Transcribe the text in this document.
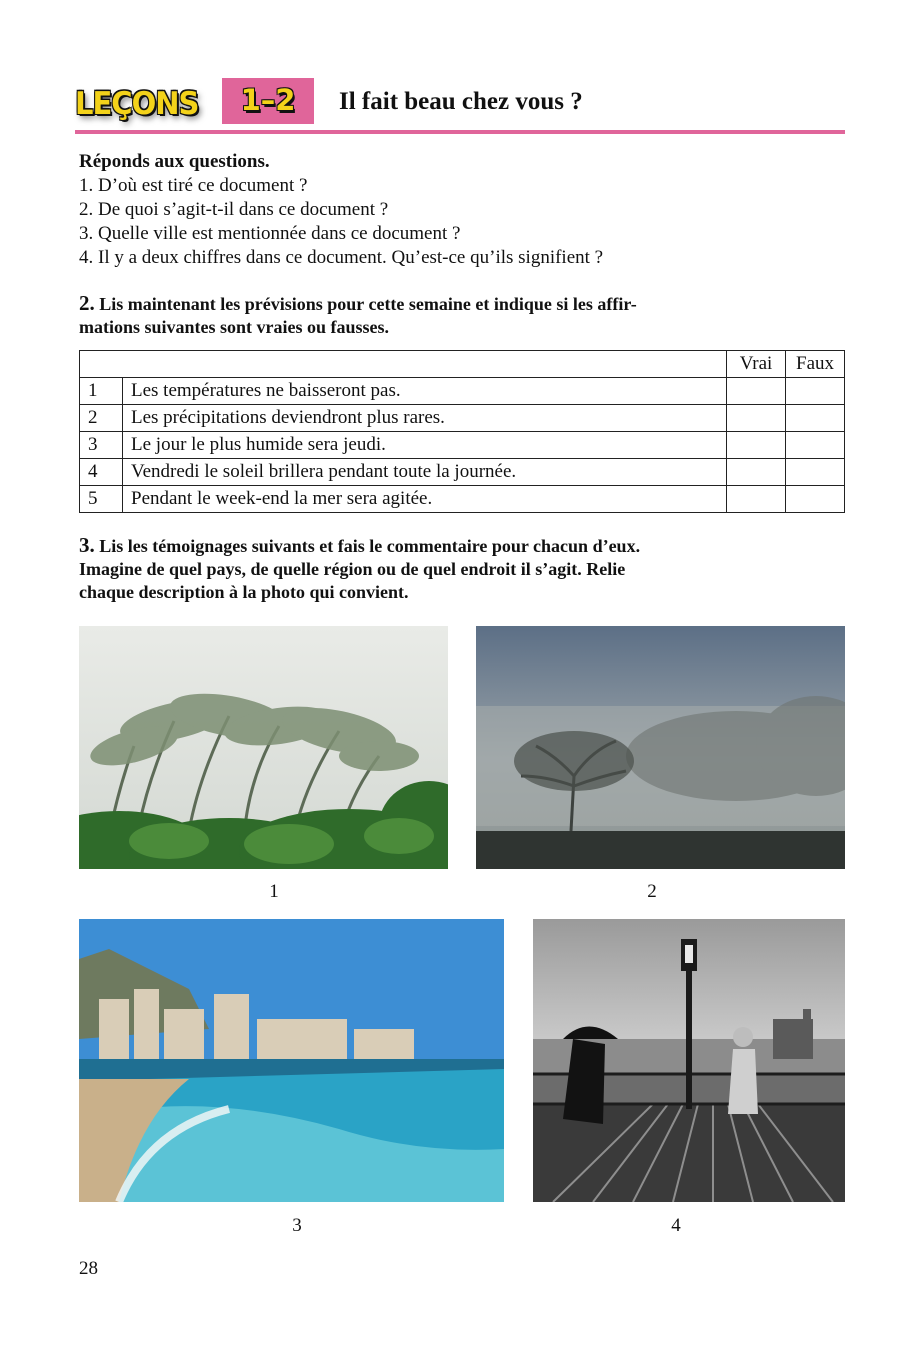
LEÇONS	1–2	Il fait beau chez vous ?
Réponds aux questions.
1. D’où est tiré ce document ?
2. De quoi s’agit-t-il dans ce document ?
3. Quelle ville est mentionnée dans ce document ?
4. Il y a deux chiffres dans ce document. Qu’est-ce qu’ils signifient ?
2. Lis maintenant les prévisions pour cette semaine et indique si les affir-
mations suivantes sont vraies ou fausses.
		Vrai	Faux
1	Les températures ne baisseront pas.		
2	Les précipitations deviendront plus rares.		
3	Le jour le plus humide sera jeudi.		
4	Vendredi le soleil brillera pendant toute la journée.		
5	Pendant le week-end la mer sera agitée.		
3. Lis les témoignages suivants et fais le commentaire pour chacun d’eux.
Imagine de quel pays, de quelle région ou de quel endroit il s’agit. Relie
chaque description à la photo qui convient.
1	2
3	4
28
